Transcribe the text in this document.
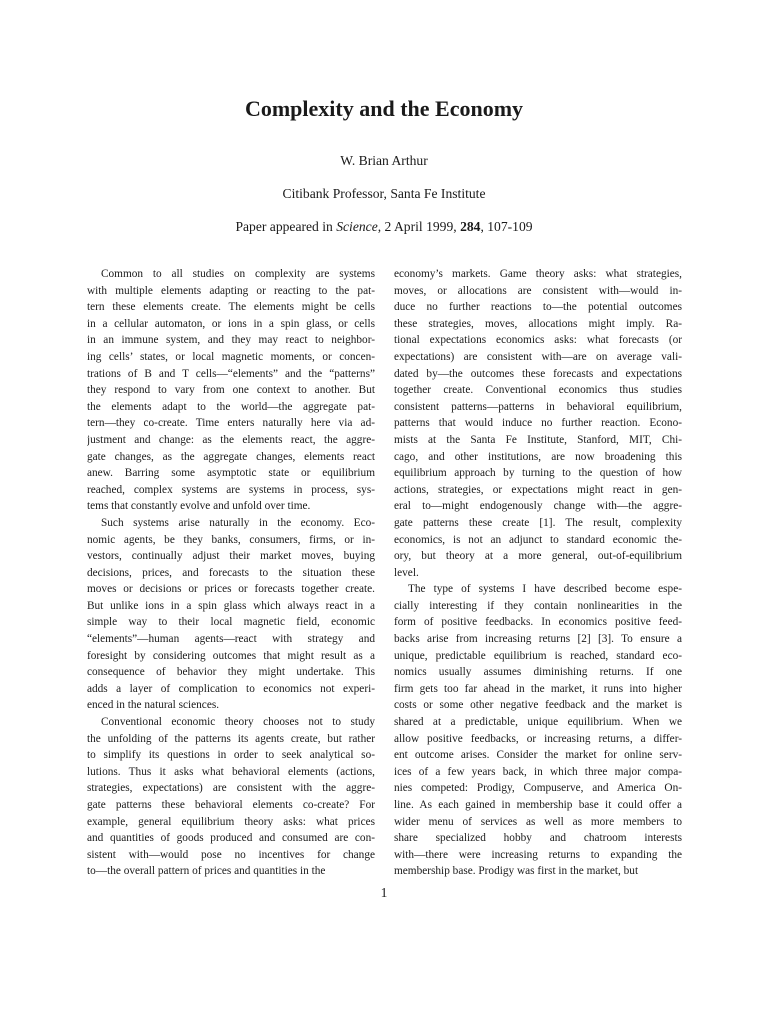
Complexity and the Economy

W. Brian Arthur

Citibank Professor, Santa Fe Institute

Paper appeared in Science, 2 April 1999, 284, 107-109

Common to all studies on complexity are systems
with multiple elements adapting or reacting to the pat-
tern these elements create. The elements might be cells
in a cellular automaton, or ions in a spin glass, or cells
in an immune system, and they may react to neighbor-
ing cells’ states, or local magnetic moments, or concen-
trations of B and T cells—“elements” and the “patterns”
they respond to vary from one context to another. But
the elements adapt to the world—the aggregate pat-
tern—they co-create. Time enters naturally here via ad-
justment and change: as the elements react, the aggre-
gate changes, as the aggregate changes, elements react
anew. Barring some asymptotic state or equilibrium
reached, complex systems are systems in process, sys-
tems that constantly evolve and unfold over time.
Such systems arise naturally in the economy. Eco-
nomic agents, be they banks, consumers, firms, or in-
vestors, continually adjust their market moves, buying
decisions, prices, and forecasts to the situation these
moves or decisions or prices or forecasts together create.
But unlike ions in a spin glass which always react in a
simple way to their local magnetic field, economic
“elements”—human agents—react with strategy and
foresight by considering outcomes that might result as a
consequence of behavior they might undertake. This
adds a layer of complication to economics not experi-
enced in the natural sciences.
Conventional economic theory chooses not to study
the unfolding of the patterns its agents create, but rather
to simplify its questions in order to seek analytical so-
lutions. Thus it asks what behavioral elements (actions,
strategies, expectations) are consistent with the aggre-
gate patterns these behavioral elements co-create? For
example, general equilibrium theory asks: what prices
and quantities of goods produced and consumed are con-
sistent with—would pose no incentives for change
to—the overall pattern of prices and quantities in the
economy’s markets. Game theory asks: what strategies,
moves, or allocations are consistent with—would in-
duce no further reactions to—the potential outcomes
these strategies, moves, allocations might imply. Ra-
tional expectations economics asks: what forecasts (or
expectations) are consistent with—are on average vali-
dated by—the outcomes these forecasts and expectations
together create. Conventional economics thus studies
consistent patterns—patterns in behavioral equilibrium,
patterns that would induce no further reaction. Econo-
mists at the Santa Fe Institute, Stanford, MIT, Chi-
cago, and other institutions, are now broadening this
equilibrium approach by turning to the question of how
actions, strategies, or expectations might react in gen-
eral to—might endogenously change with—the aggre-
gate patterns these create [1]. The result, complexity
economics, is not an adjunct to standard economic the-
ory, but theory at a more general, out-of-equilibrium
level.
The type of systems I have described become espe-
cially interesting if they contain nonlinearities in the
form of positive feedbacks. In economics positive feed-
backs arise from increasing returns [2] [3]. To ensure a
unique, predictable equilibrium is reached, standard eco-
nomics usually assumes diminishing returns. If one
firm gets too far ahead in the market, it runs into higher
costs or some other negative feedback and the market is
shared at a predictable, unique equilibrium. When we
allow positive feedbacks, or increasing returns, a differ-
ent outcome arises. Consider the market for online serv-
ices of a few years back, in which three major compa-
nies competed: Prodigy, Compuserve, and America On-
line. As each gained in membership base it could offer a
wider menu of services as well as more members to
share specialized hobby and chatroom interests
with—there were increasing returns to expanding the
membership base. Prodigy was first in the market, but

1
